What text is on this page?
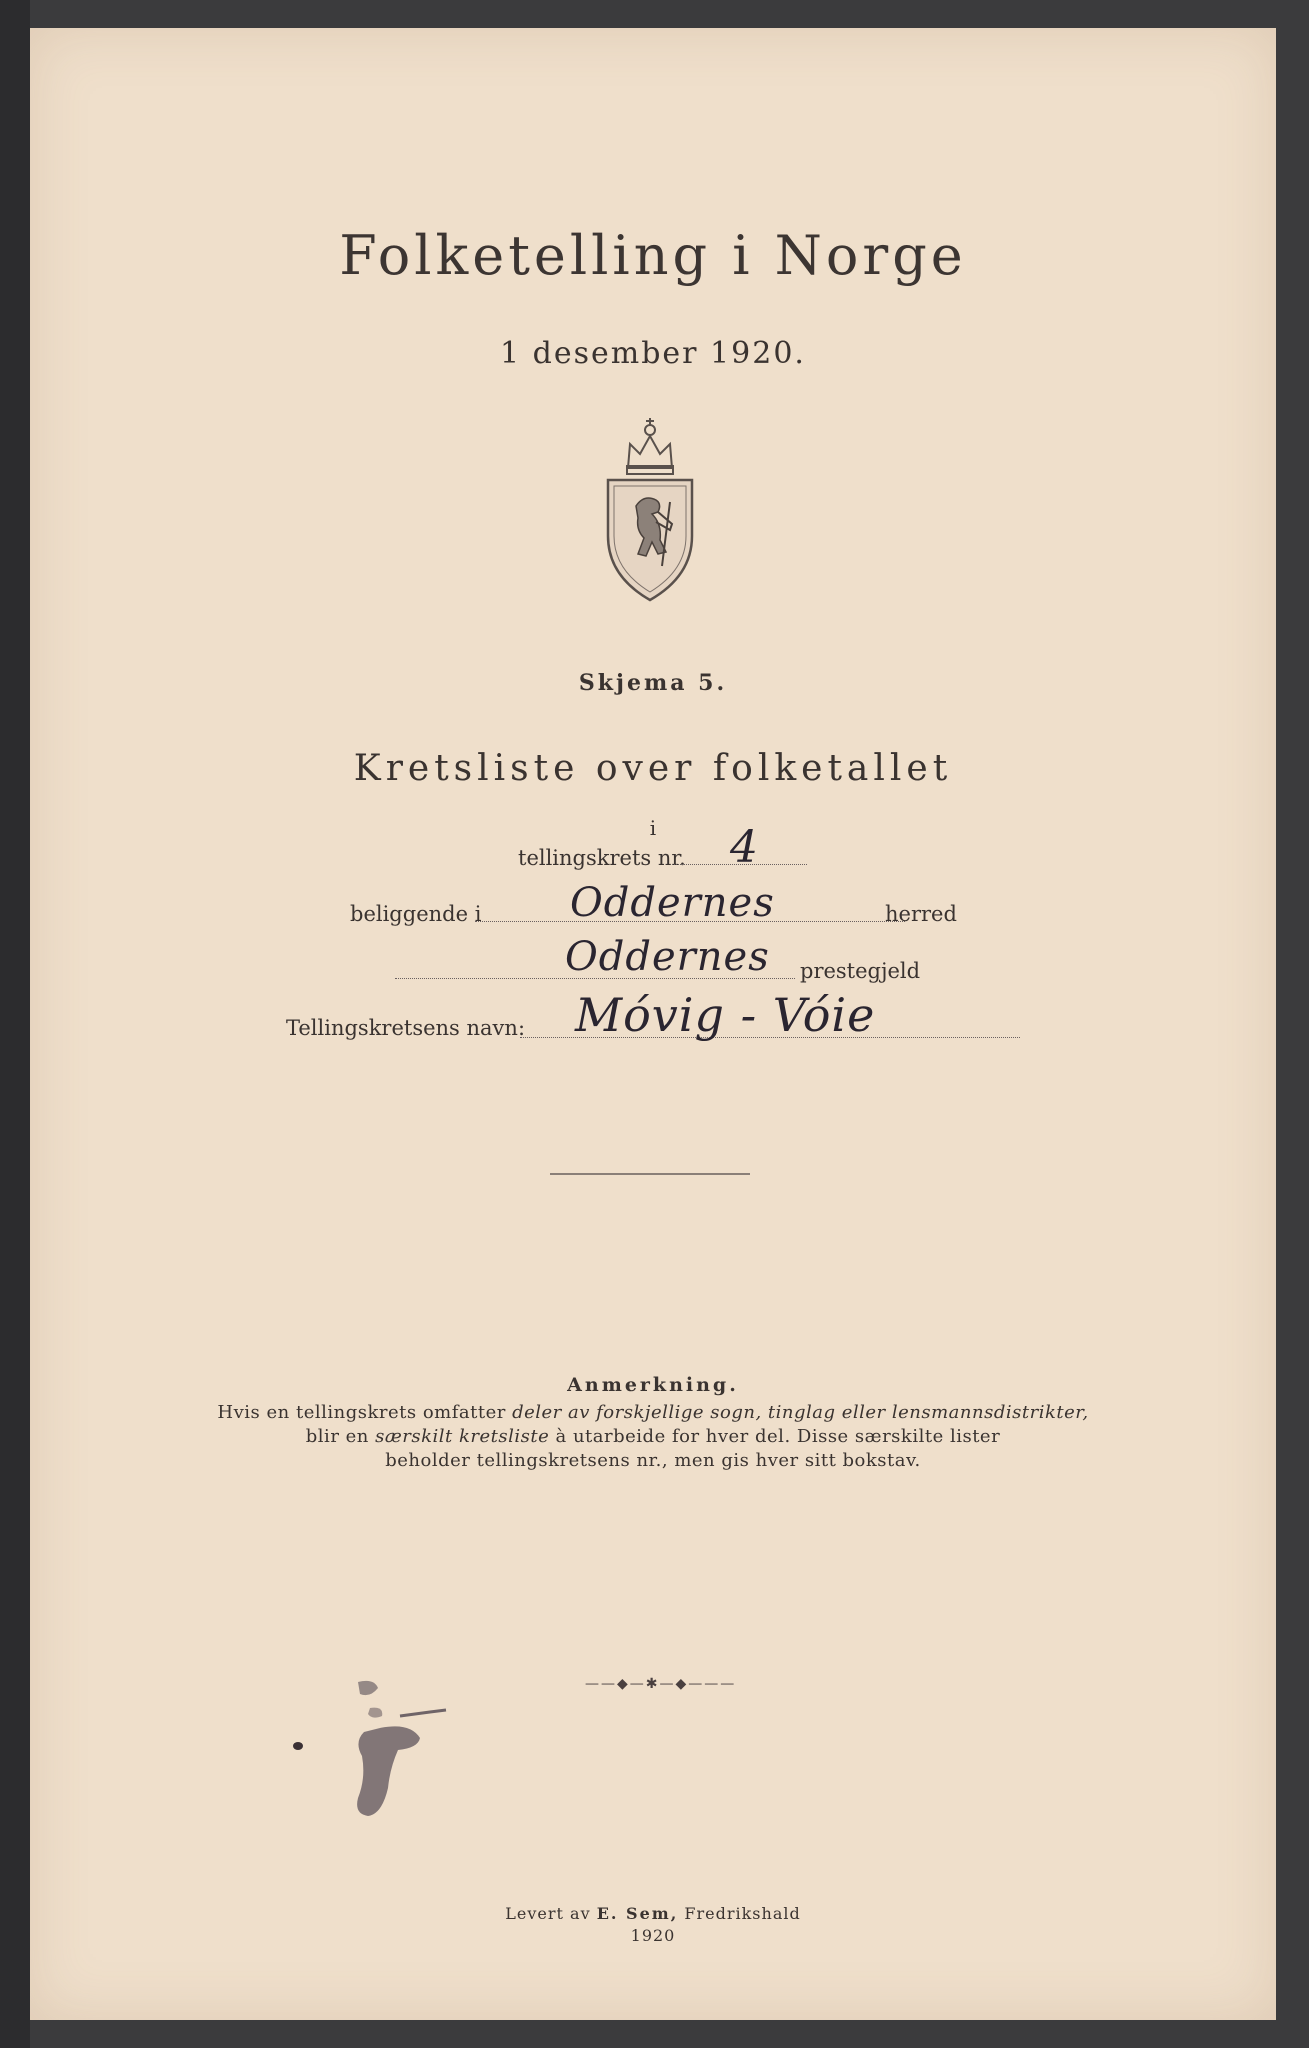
Folketelling i Norge
1 desember 1920.
Skjema 5.
Kretsliste over folketallet
i
tellingskrets nr. 4
beliggende i Oddernes	herred
Oddernes prestegjeld
Tellingskretsens navn: Móvig - Vóie
Anmerkning.
Hvis en tellingskrets omfatter deler av forskjellige sogn, tinglag eller lensmannsdistrikter,
blir en særskilt kretsliste à utarbeide for hver del. Disse særskilte lister
beholder tellingskretsens nr., men gis hver sitt bokstav.
——◆—✱—◆———
Levert av E. Sem, Fredrikshald
1920
